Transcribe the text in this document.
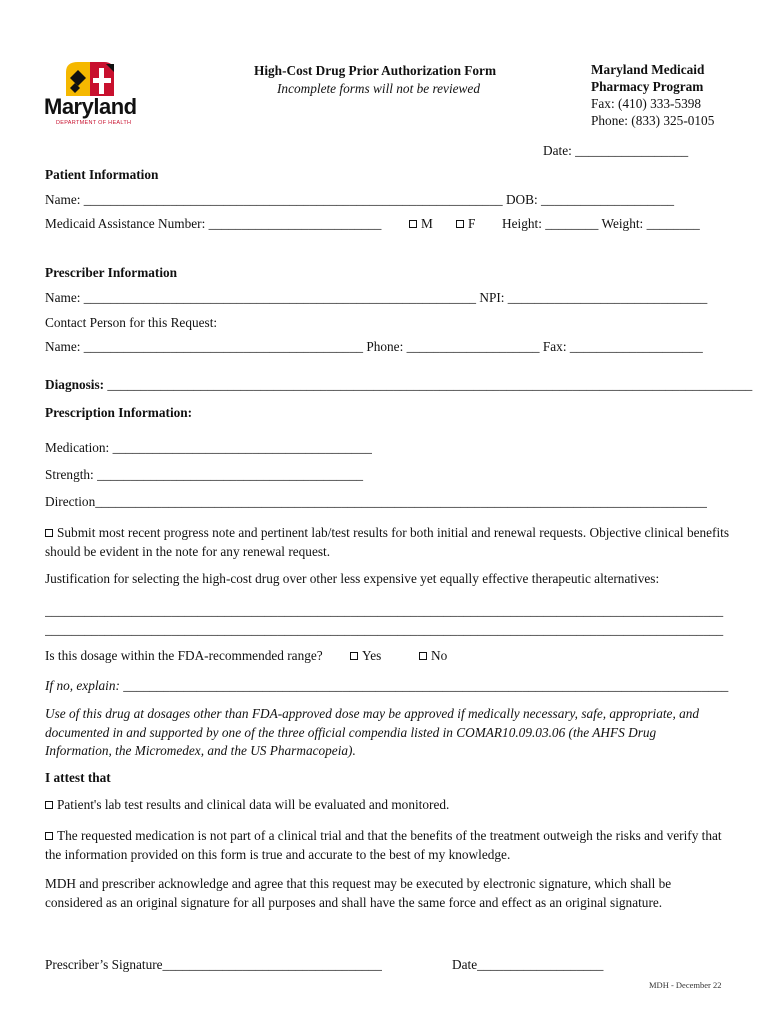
Maryland
DEPARTMENT OF HEALTH
High-Cost Drug Prior Authorization Form
Incomplete forms will not be reviewed
Maryland Medicaid
Pharmacy Program
Fax: (410) 333-5398
Phone: (833) 325-0105
Date: _________________
Patient Information
Name: _______________________________________________________________ DOB: ____________________
Medicaid Assistance Number: __________________________	M	F Height: ________ Weight: ________
Prescriber Information
Name: ___________________________________________________________ NPI: ______________________________
Contact Person for this Request:
Name: __________________________________________ Phone: ____________________ Fax: ____________________
Diagnosis: _________________________________________________________________________________________________
Prescription Information:
Medication: _______________________________________
Strength: ________________________________________
Direction____________________________________________________________________________________________
Submit most recent progress note and pertinent lab/test results for both initial and renewal requests. Objective clinical benefits should be evident in the note for any renewal request.
Justification for selecting the high-cost drug over other less expensive yet equally effective therapeutic alternatives:
______________________________________________________________________________________________________
______________________________________________________________________________________________________
Is this dosage within the FDA-recommended range?	Yes	No
If no, explain: ___________________________________________________________________________________________
Use of this drug at dosages other than FDA-approved dose may be approved if medically necessary, safe, appropriate, and documented in and supported by one of the three official compendia listed in COMAR10.09.03.06 (the AHFS Drug Information, the Micromedex, and the US Pharmacopeia).
I attest that
Patient's lab test results and clinical data will be evaluated and monitored.
The requested medication is not part of a clinical trial and that the benefits of the treatment outweigh the risks and verify that the information provided on this form is true and accurate to the best of my knowledge.
MDH and prescriber acknowledge and agree that this request may be executed by electronic signature, which shall be considered as an original signature for all purposes and shall have the same force and effect as an original signature.
Prescriber’s Signature_________________________________	Date___________________
MDH - December 22
